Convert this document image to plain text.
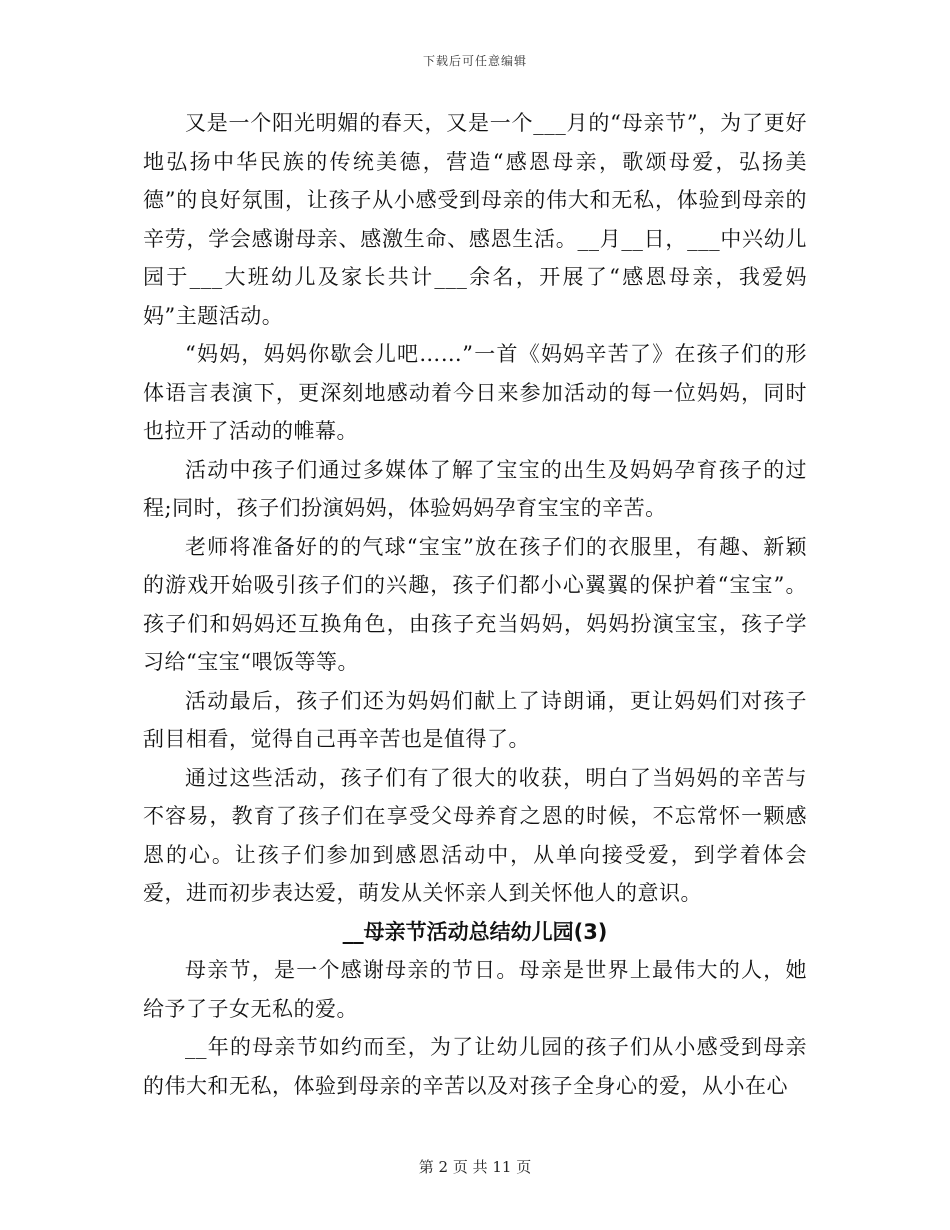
下载后可任意编辑

又是一个阳光明媚的春天，又是一个___月的“母亲节”，为了更好地弘扬中华民族的传统美德，营造“感恩母亲，歌颂母爱，弘扬美德”的良好氛围，让孩子从小感受到母亲的伟大和无私，体验到母亲的辛劳，学会感谢母亲、感激生命、感恩生活。__月__日，___中兴幼儿园于___大班幼儿及家长共计___余名，开展了“感恩母亲，我爱妈妈”主题活动。

“妈妈，妈妈你歇会儿吧……”一首《妈妈辛苦了》在孩子们的形体语言表演下，更深刻地感动着今日来参加活动的每一位妈妈，同时也拉开了活动的帷幕。

活动中孩子们通过多媒体了解了宝宝的出生及妈妈孕育孩子的过程;同时，孩子们扮演妈妈，体验妈妈孕育宝宝的辛苦。

老师将准备好的的气球“宝宝”放在孩子们的衣服里，有趣、新颖的游戏开始吸引孩子们的兴趣，孩子们都小心翼翼的保护着“宝宝”。孩子们和妈妈还互换角色，由孩子充当妈妈，妈妈扮演宝宝，孩子学习给“宝宝“喂饭等等。

活动最后，孩子们还为妈妈们献上了诗朗诵，更让妈妈们对孩子刮目相看，觉得自己再辛苦也是值得了。

通过这些活动，孩子们有了很大的收获，明白了当妈妈的辛苦与不容易，教育了孩子们在享受父母养育之恩的时候，不忘常怀一颗感恩的心。让孩子们参加到感恩活动中，从单向接受爱，到学着体会爱，进而初步表达爱，萌发从关怀亲人到关怀他人的意识。

__母亲节活动总结幼儿园(3)

母亲节，是一个感谢母亲的节日。母亲是世界上最伟大的人，她给予了子女无私的爱。

__年的母亲节如约而至，为了让幼儿园的孩子们从小感受到母亲的伟大和无私，体验到母亲的辛苦以及对孩子全身心的爱，从小在心

第 2 页 共 11 页
